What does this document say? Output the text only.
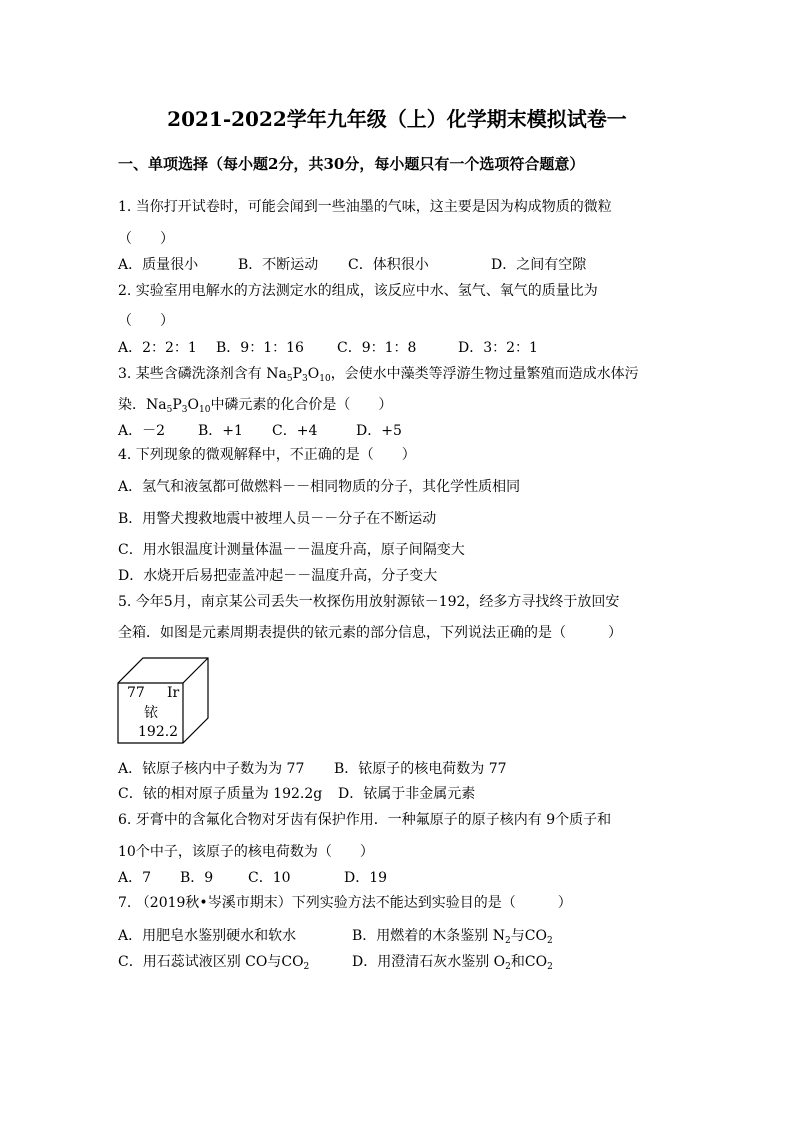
2021-2022学年九年级（上）化学期末模拟试卷一
一、单项选择（每小题2分，共30分，每小题只有一个选项符合题意）
1. 当你打开试卷时，可能会闻到一些油墨的气味，这主要是因为构成物质的微粒
（　　）
A．质量很小	B．不断运动 C．体积很小	D．之间有空隙
2. 实验室用电解水的方法测定水的组成，该反应中水、氢气、氧气的质量比为
（　　）
A．2：2：1 B．9：1：16 C．9：1：8	D．3：2：1
3. 某些含磷洗涤剂含有 $Na_5P_3O_{10}$，会使水中藻类等浮游生物过量繁殖而造成水体污
染．$Na_5P_3O_{10}$中磷元素的化合价是（　　）
A．－2 B．+1 C．+4	D．+5
4. 下列现象的微观解释中，不正确的是（　　）
A．氢气和液氢都可做燃料－－相同物质的分子，其化学性质相同
B．用警犬搜救地震中被埋人员－－分子在不断运动
C．用水银温度计测量体温－－温度升高，原子间隔变大
D．水烧开后易把壶盖冲起－－温度升高，分子变大
5. 今年5月，南京某公司丢失一枚探伤用放射源铱－192，经多方寻找终于放回安
全箱．如图是元素周期表提供的铱元素的部分信息，下列说法正确的是（　　　）
77 Ir
铱
192.2
A．铱原子核内中子数为为 77 B．铱原子的核电荷数为 77
C．铱的相对原子质量为 192.2g D．铱属于非金属元素
6. 牙膏中的含氟化合物对牙齿有保护作用．一种氟原子的原子核内有 9个质子和
10个中子，该原子的核电荷数为（　　）
A．7 B．9 C．10	D．19
7. （2019秋•岑溪市期末）下列实验方法不能达到实验目的是（　　　）
A．用肥皂水鉴别硬水和软水	B．用燃着的木条鉴别 $N_2$与$CO_2$
C．用石蕊试液区别 CO与$CO_2$	D．用澄清石灰水鉴别 $O_2$和$CO_2$
